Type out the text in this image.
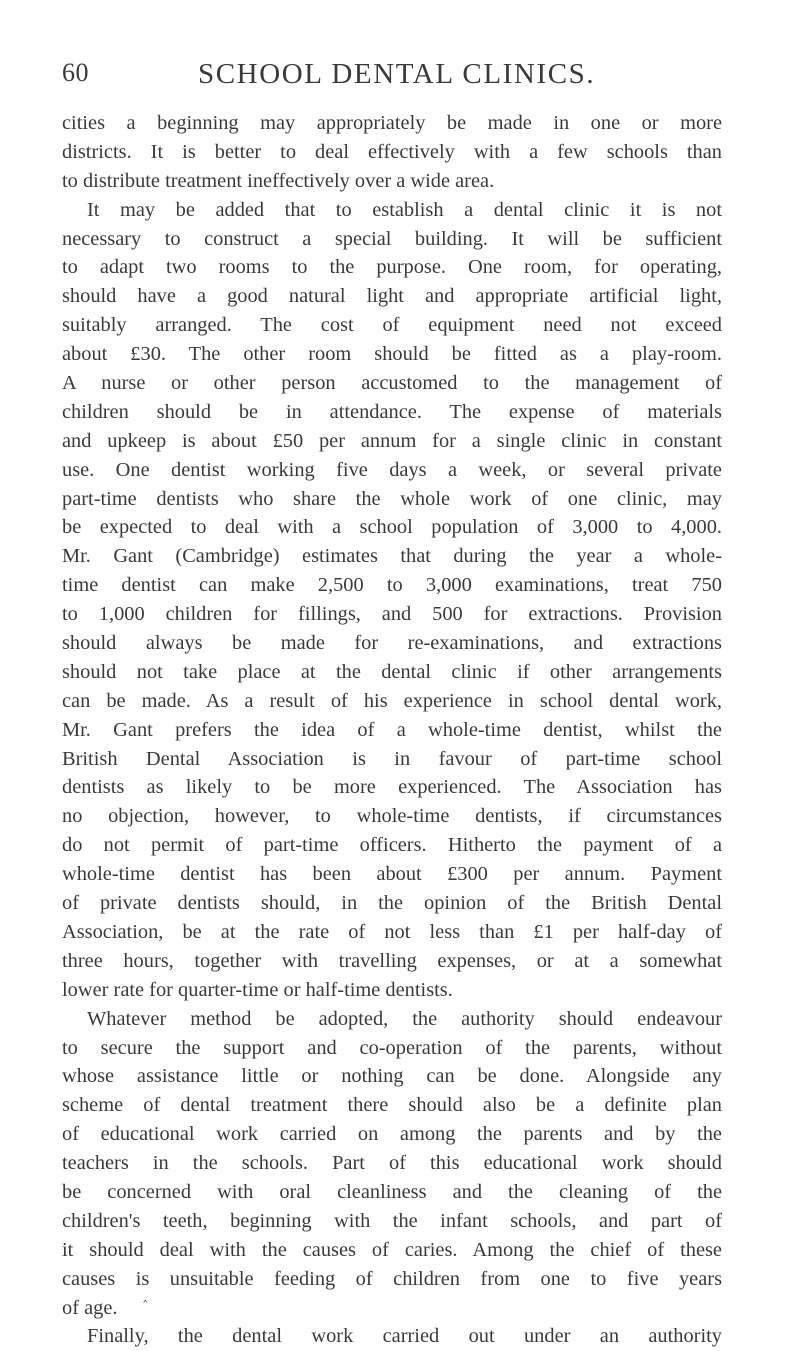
60	SCHOOL DENTAL CLINICS.
cities a beginning may appropriately be made in one or more
districts. It is better to deal effectively with a few schools than
to distribute treatment ineffectively over a wide area.
It may be added that to establish a dental clinic it is not
necessary to construct a special building. It will be sufficient
to adapt two rooms to the purpose. One room, for operating,
should have a good natural light and appropriate artificial light,
suitably arranged. The cost of equipment need not exceed
about £30. The other room should be fitted as a play-room.
A nurse or other person accustomed to the management of
children should be in attendance. The expense of materials
and upkeep is about £50 per annum for a single clinic in constant
use. One dentist working five days a week, or several private
part-time dentists who share the whole work of one clinic, may
be expected to deal with a school population of 3,000 to 4,000.
Mr. Gant (Cambridge) estimates that during the year a whole-
time dentist can make 2,500 to 3,000 examinations, treat 750
to 1,000 children for fillings, and 500 for extractions. Provision
should always be made for re-examinations, and extractions
should not take place at the dental clinic if other arrangements
can be made. As a result of his experience in school dental work,
Mr. Gant prefers the idea of a whole-time dentist, whilst the
British Dental Association is in favour of part-time school
dentists as likely to be more experienced. The Association has
no objection, however, to whole-time dentists, if circumstances
do not permit of part-time officers. Hitherto the payment of a
whole-time dentist has been about £300 per annum. Payment
of private dentists should, in the opinion of the British Dental
Association, be at the rate of not less than £1 per half-day of
three hours, together with travelling expenses, or at a somewhat
lower rate for quarter-time or half-time dentists.
Whatever method be adopted, the authority should endeavour
to secure the support and co-operation of the parents, without
whose assistance little or nothing can be done. Alongside any
scheme of dental treatment there should also be a definite plan
of educational work carried on among the parents and by the
teachers in the schools. Part of this educational work should
be concerned with oral cleanliness and the cleaning of the
children's teeth, beginning with the infant schools, and part of
it should deal with the causes of caries. Among the chief of these
causes is unsuitable feeding of children from one to five years
of age.
Finally, the dental work carried out under an authority
‸
